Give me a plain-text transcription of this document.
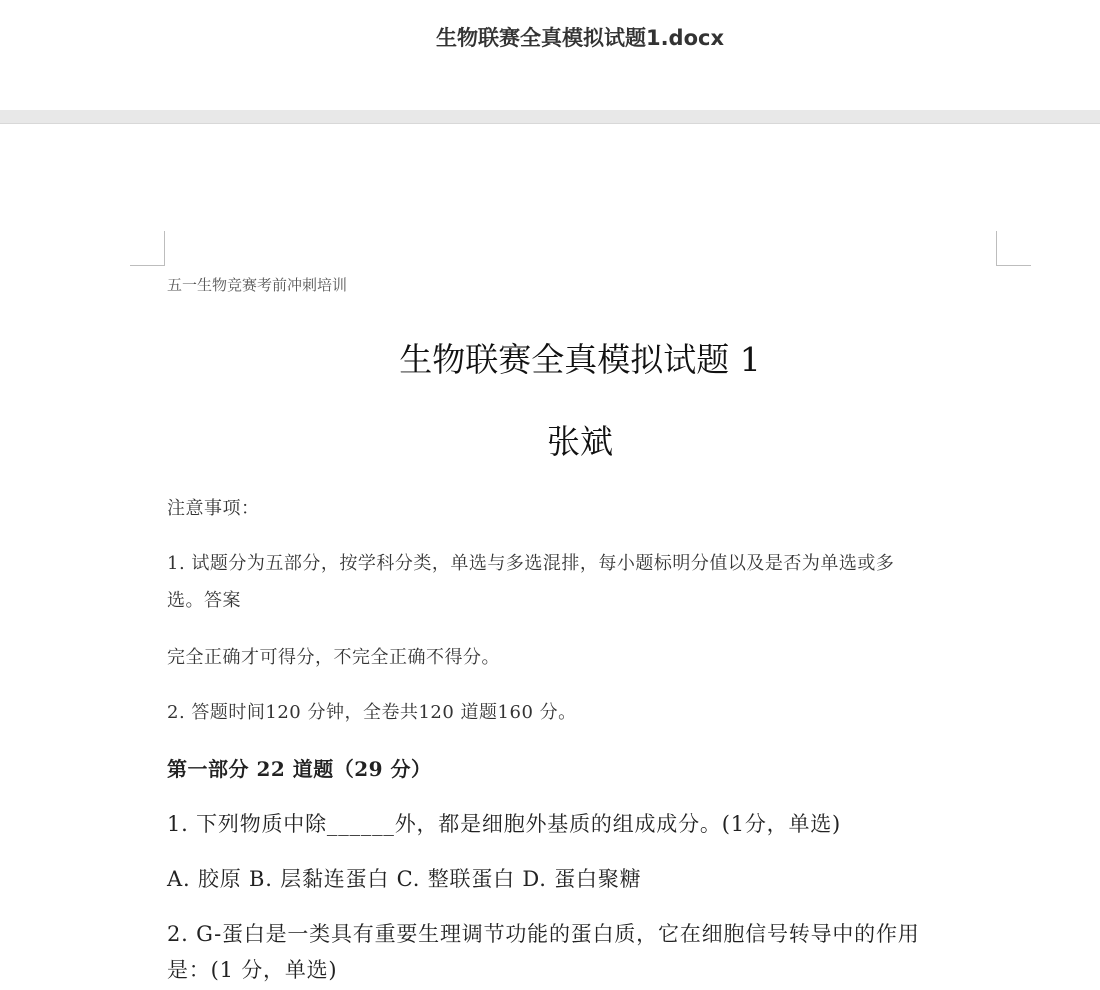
生物联赛全真模拟试题1.docx
五一生物竞赛考前冲刺培训
生物联赛全真模拟试题 1
张斌
注意事项：
1. 试题分为五部分，按学科分类，单选与多选混排，每小题标明分值以及是否为单选或多
选。答案
完全正确才可得分，不完全正确不得分。
2. 答题时间120 分钟，全卷共120 道题160 分。
第一部分 22 道题（29 分）
1. 下列物质中除______外，都是细胞外基质的组成成分。(1分，单选)
A. 胶原 B. 层黏连蛋白 C. 整联蛋白 D. 蛋白聚糖
2. G-蛋白是一类具有重要生理调节功能的蛋白质，它在细胞信号转导中的作用
是：(1 分，单选)
